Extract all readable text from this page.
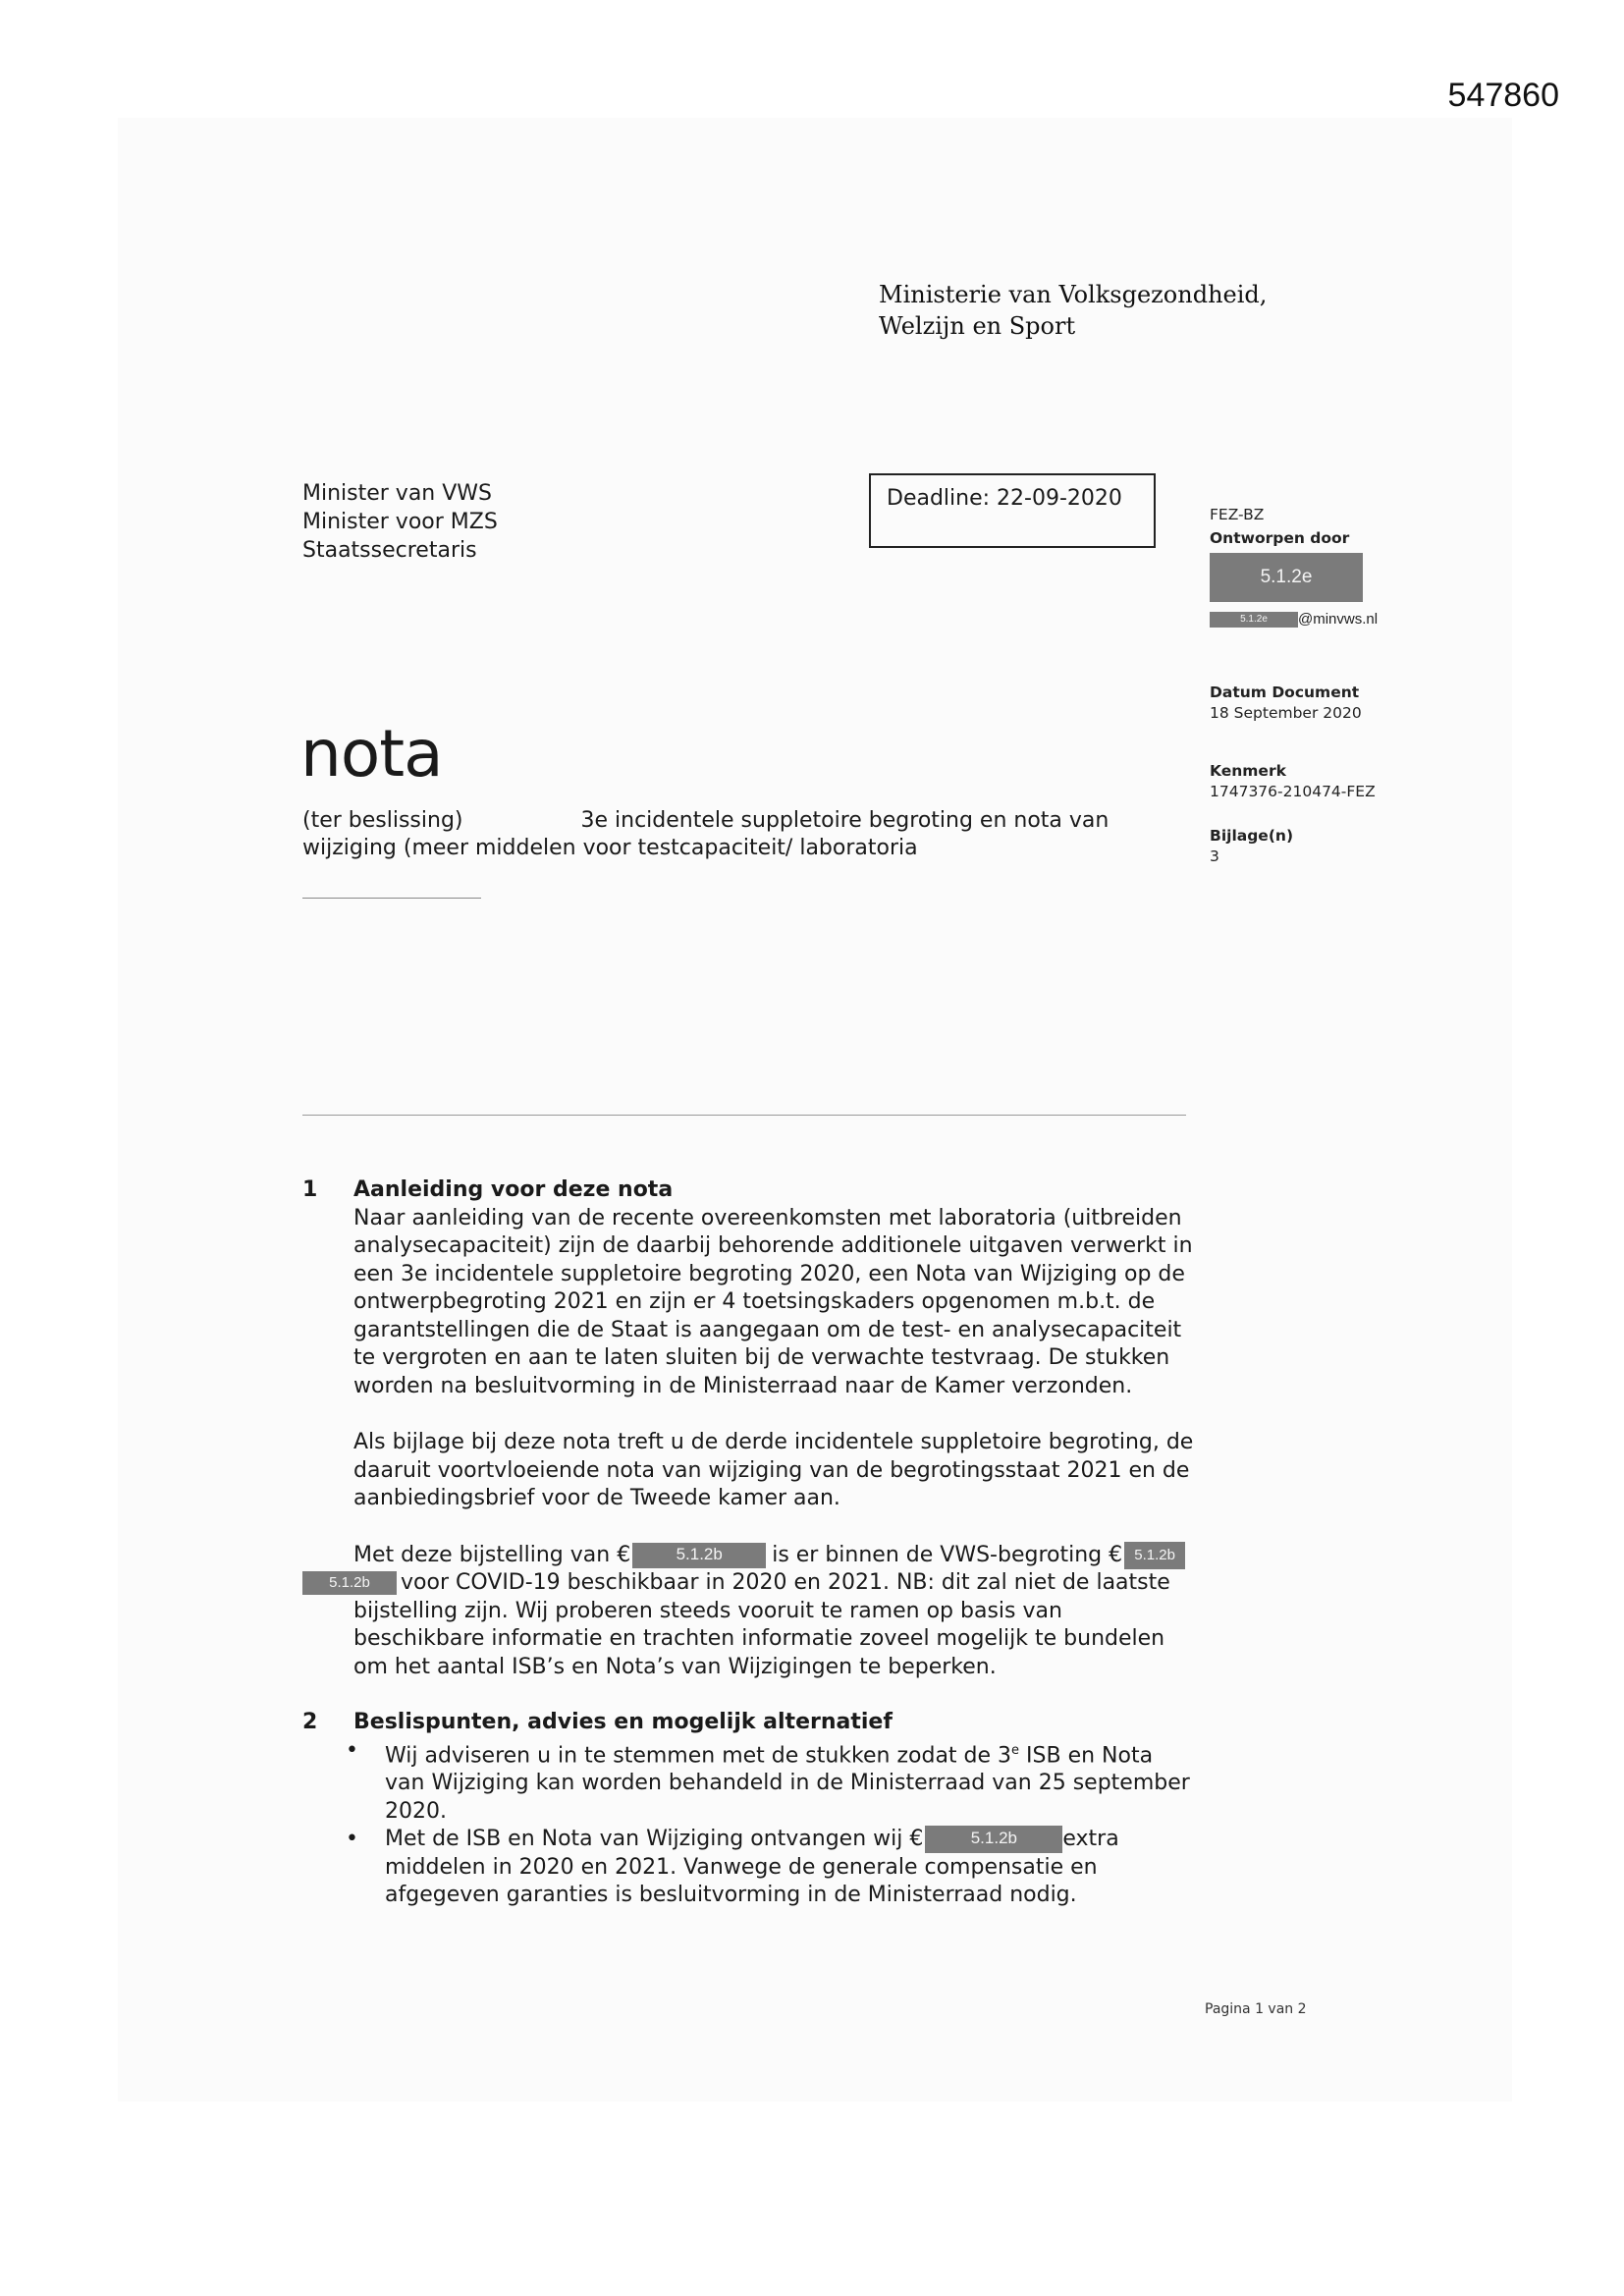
547860
Ministerie van Volksgezondheid,
Welzijn en Sport
Minister van VWS
Minister voor MZS
Staatssecretaris
Deadline: 22-09-2020
FEZ-BZ
Ontworpen door
5.1.2e
5.1.2e @minvws.nl
Datum Document
18 September 2020
Kenmerk
1747376-210474-FEZ
Bijlage(n)
3
nota
(ter beslissing)	3e incidentele suppletoire begroting en nota van
wijziging (meer middelen voor testcapaciteit/ laboratoria
1	Aanleiding voor deze nota

Naar aanleiding van de recente overeenkomsten met laboratoria (uitbreiden analysecapaciteit) zijn de daarbij behorende additionele uitgaven verwerkt in een 3e incidentele suppletoire begroting 2020, een Nota van Wijziging op de ontwerpbegroting 2021 en zijn er 4 toetsingskaders opgenomen m.b.t. de garantstellingen die de Staat is aangegaan om de test- en analysecapaciteit te vergroten en aan te laten sluiten bij de verwachte testvraag. De stukken worden na besluitvorming in de Ministerraad naar de Kamer verzonden.

Als bijlage bij deze nota treft u de derde incidentele suppletoire begroting, de daaruit voortvloeiende nota van wijziging van de begrotingsstaat 2021 en de aanbiedingsbrief voor de Tweede kamer aan.

Met deze bijstelling van €	5.1.2b is er binnen de VWS-begroting € 5.1.2b5.1.2b voor COVID-19 beschikbaar in 2020 en 2021. NB: dit zal niet de laatste bijstelling zijn. Wij proberen steeds vooruit te ramen op basis van beschikbare informatie en trachten informatie zoveel mogelijk te bundelen om het aantal ISB’s en Nota’s van Wijzigingen te beperken.

2	Beslispunten, advies en mogelijk alternatief
• Wij adviseren u in te stemmen met de stukken zodat de 3e ISB en Nota van Wijziging kan worden behandeld in de Ministerraad van 25 september 2020.
• Met de ISB en Nota van Wijziging ontvangen wij €	5.1.2b extra middelen in 2020 en 2021. Vanwege de generale compensatie en afgegeven garanties is besluitvorming in de Ministerraad nodig.
Pagina 1 van 2
